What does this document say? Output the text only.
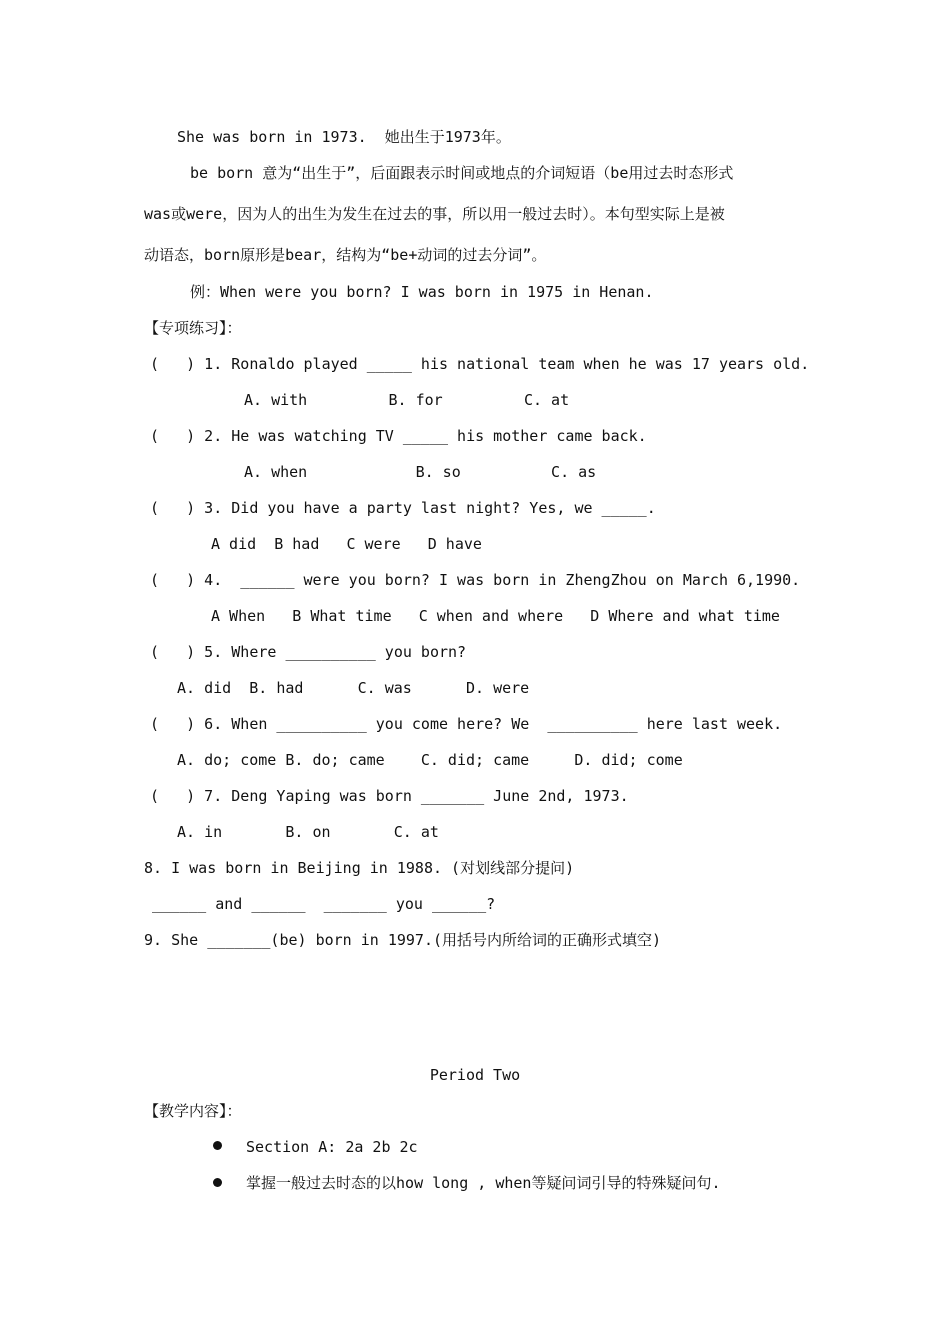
She was born in 1973.  她出生于1973年。
be born 意为“出生于”，后面跟表示时间或地点的介词短语（be用过去时态形式
was或were，因为人的出生为发生在过去的事，所以用一般过去时）。本句型实际上是被
动语态，born原形是bear，结构为“be+动词的过去分词”。
例：When were you born? I was born in 1975 in Henan.
【专项练习】：
(   ) 1. Ronaldo played _____ his national team when he was 17 years old.
A. with         B. for         C. at
(   ) 2. He was watching TV _____ his mother came back.
A. when            B. so          C. as
(   ) 3. Did you have a party last night? Yes, we _____.
A did  B had   C were   D have
(   ) 4.  ______ were you born? I was born in ZhengZhou on March 6,1990.
A When   B What time   C when and where   D Where and what time
(   ) 5. Where __________ you born?
A. did  B. had      C. was      D. were
(   ) 6. When __________ you come here? We  __________ here last week.
A. do; come B. do; came    C. did; came     D. did; come
(   ) 7. Deng Yaping was born _______ June 2nd, 1973.
A. in       B. on       C. at
8. I was born in Beijing in 1988. (对划线部分提问)
______ and ______  _______ you ______?
9. She _______(be) born in 1997.(用括号内所给词的正确形式填空)
Period Two
【教学内容】：
Section A: 2a 2b 2c
掌握一般过去时态的以how long , when等疑问词引导的特殊疑问句.
